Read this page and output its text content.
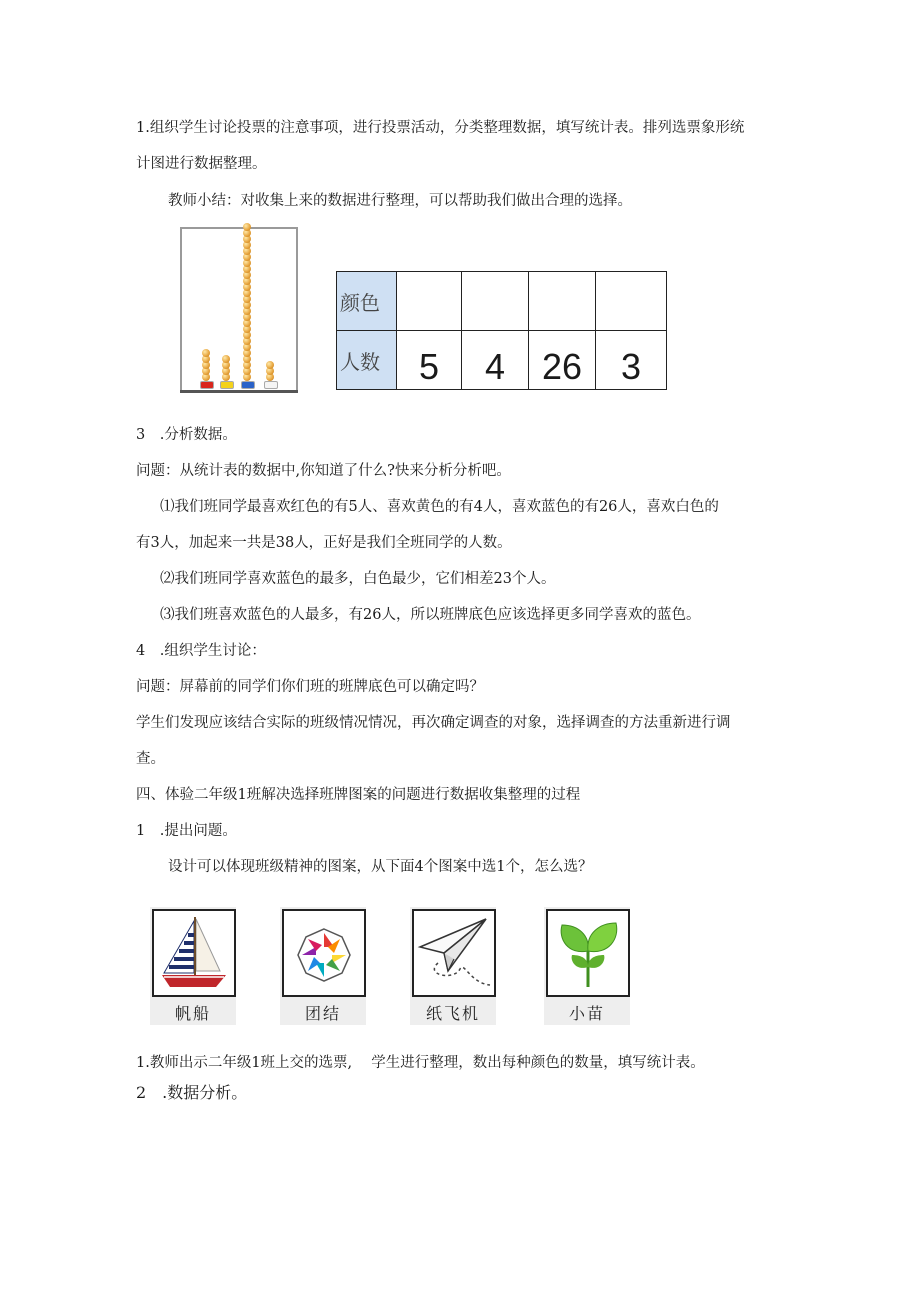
1.组织学生讨论投票的注意事项，进行投票活动，分类整理数据，填写统计表。排列选票象形统
计图进行数据整理。
教师小结：对收集上来的数据进行整理，可以帮助我们做出合理的选择。
颜色				
人数	5	4	26	3
3　.分析数据。
问题：从统计表的数据中,你知道了什么?快来分析分析吧。
⑴我们班同学最喜欢红色的有5人、喜欢黄色的有4人，喜欢蓝色的有26人，喜欢白色的
有3人，加起来一共是38人，正好是我们全班同学的人数。
⑵我们班同学喜欢蓝色的最多，白色最少，它们相差23个人。
⑶我们班喜欢蓝色的人最多，有26人，所以班牌底色应该选择更多同学喜欢的蓝色。
4　.组织学生讨论：
问题：屏幕前的同学们你们班的班牌底色可以确定吗？
学生们发现应该结合实际的班级情况情况，再次确定调查的对象，选择调查的方法重新进行调
查。
四、体验二年级1班解决选择班牌图案的问题进行数据收集整理的过程
1　.提出问题。
设计可以体现班级精神的图案，从下面4个图案中选1个，怎么选？
帆船	团结	纸飞机	小苗
1.教师出示二年级1班上交的选票,　 学生进行整理，数出每种颜色的数量，填写统计表。
2　.数据分析。
